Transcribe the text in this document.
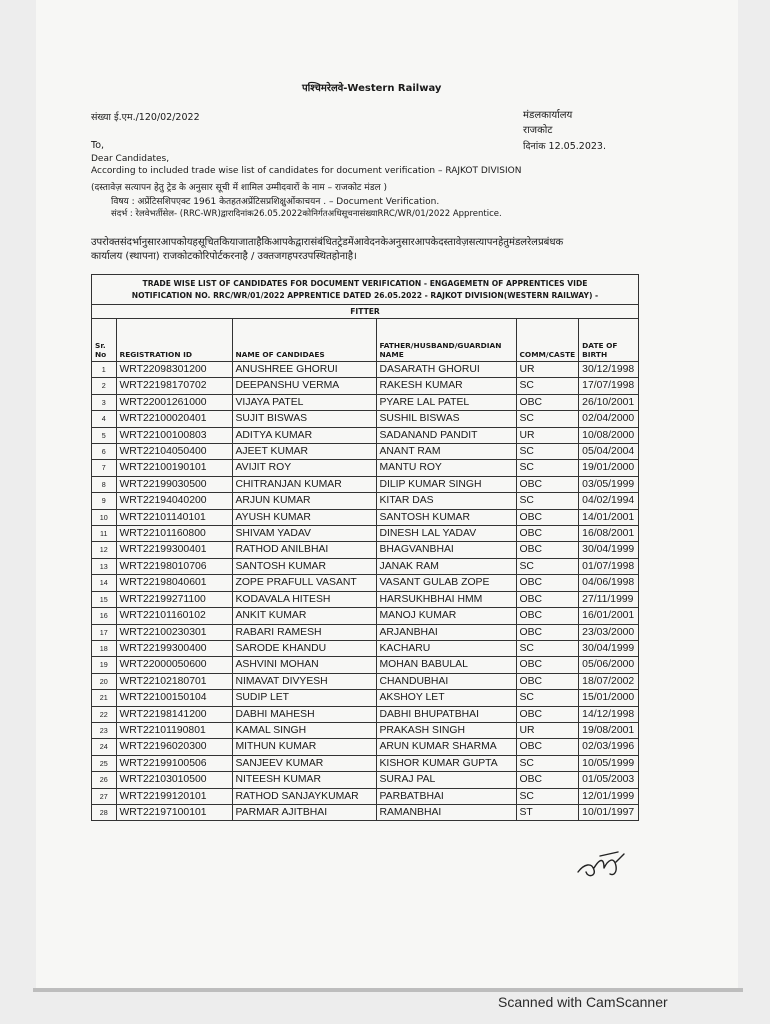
पश्चिमरेलवे-Western Railway
संख्या ई.एम./120/02/2022	मंडलकार्यालय
राजकोट
दिनांक 12.05.2023.
To,
Dear Candidates,
According to included trade wise list of candidates for document verification – RAJKOT DIVISION
(दस्तावेज़ सत्यापन हेतु ट्रेड के अनुसार सूची में शामिल उम्मीदवारों के नाम – राजकोट मंडल )
विषय : अप्रेंटिसशिपएक्ट 1961 केतहतअप्रेंटिसप्रशिक्षुओंकाचयन . – Document Verification.
संदर्भ : रेलवेभर्तीसेल- (RRC-WR)द्वारादिनांक26.05.2022कोनिर्गतअधिसूचनासंख्याRRC/WR/01/2022 Apprentice.
उपरोक्तसंदर्भानुसारआपकोयहसूचितकियाजाताहैकिआपकेद्वारासंबंधितट्रेडमेंआवेदनकेअनुसारआपकेदस्तावेज़सत्यापनहेतुमंडलरेलप्रबंधक
कार्यालय (स्थापना) राजकोटकोरिपोर्टकरनाहै / उक्तजगहपरउपस्थितहोनाहै।
TRADE WISE LIST OF CANDIDATES FOR DOCUMENT VERIFICATION - ENGAGEMETN OF APPRENTICES VIDE
NOTIFICATION NO. RRC/WR/01/2022 APPRENTICE DATED 26.05.2022 - RAJKOT DIVISION(WESTERN RAILWAY) -
FITTER
Sr. No	REGISTRATION ID	NAME OF CANDIDAES	FATHER/HUSBAND/GUARDIAN NAME	COMM/CASTE	DATE OF BIRTH
1	WRT22098301200	ANUSHREE GHORUI	DASARATH GHORUI	UR	30/12/1998
2	WRT22198170702	DEEPANSHU VERMA	RAKESH KUMAR	SC	17/07/1998
3	WRT22001261000	VIJAYA PATEL	PYARE LAL PATEL	OBC	26/10/2001
4	WRT22100020401	SUJIT BISWAS	SUSHIL BISWAS	SC	02/04/2000
5	WRT22100100803	ADITYA KUMAR	SADANAND PANDIT	UR	10/08/2000
6	WRT22104050400	AJEET KUMAR	ANANT RAM	SC	05/04/2004
7	WRT22100190101	AVIJIT ROY	MANTU ROY	SC	19/01/2000
8	WRT22199030500	CHITRANJAN KUMAR	DILIP KUMAR SINGH	OBC	03/05/1999
9	WRT22194040200	ARJUN KUMAR	KITAR DAS	SC	04/02/1994
10	WRT22101140101	AYUSH KUMAR	SANTOSH KUMAR	OBC	14/01/2001
11	WRT22101160800	SHIVAM YADAV	DINESH LAL YADAV	OBC	16/08/2001
12	WRT22199300401	RATHOD ANILBHAI	BHAGVANBHAI	OBC	30/04/1999
13	WRT22198010706	SANTOSH KUMAR	JANAK RAM	SC	01/07/1998
14	WRT22198040601	ZOPE PRAFULL VASANT	VASANT GULAB ZOPE	OBC	04/06/1998
15	WRT22199271100	KODAVALA HITESH	HARSUKHBHAI HMM	OBC	27/11/1999
16	WRT22101160102	ANKIT KUMAR	MANOJ KUMAR	OBC	16/01/2001
17	WRT22100230301	RABARI RAMESH	ARJANBHAI	OBC	23/03/2000
18	WRT22199300400	SARODE KHANDU	KACHARU	SC	30/04/1999
19	WRT22000050600	ASHVINI MOHAN	MOHAN BABULAL	OBC	05/06/2000
20	WRT22102180701	NIMAVAT DIVYESH	CHANDUBHAI	OBC	18/07/2002
21	WRT22100150104	SUDIP LET	AKSHOY LET	SC	15/01/2000
22	WRT22198141200	DABHI MAHESH	DABHI BHUPATBHAI	OBC	14/12/1998
23	WRT22101190801	KAMAL SINGH	PRAKASH SINGH	UR	19/08/2001
24	WRT22196020300	MITHUN KUMAR	ARUN KUMAR SHARMA	OBC	02/03/1996
25	WRT22199100506	SANJEEV KUMAR	KISHOR KUMAR GUPTA	SC	10/05/1999
26	WRT22103010500	NITEESH KUMAR	SURAJ PAL	OBC	01/05/2003
27	WRT22199120101	RATHOD SANJAYKUMAR	PARBATBHAI	SC	12/01/1999
28	WRT22197100101	PARMAR AJITBHAI	RAMANBHAI	ST	10/01/1997
Scanned with CamScanner
